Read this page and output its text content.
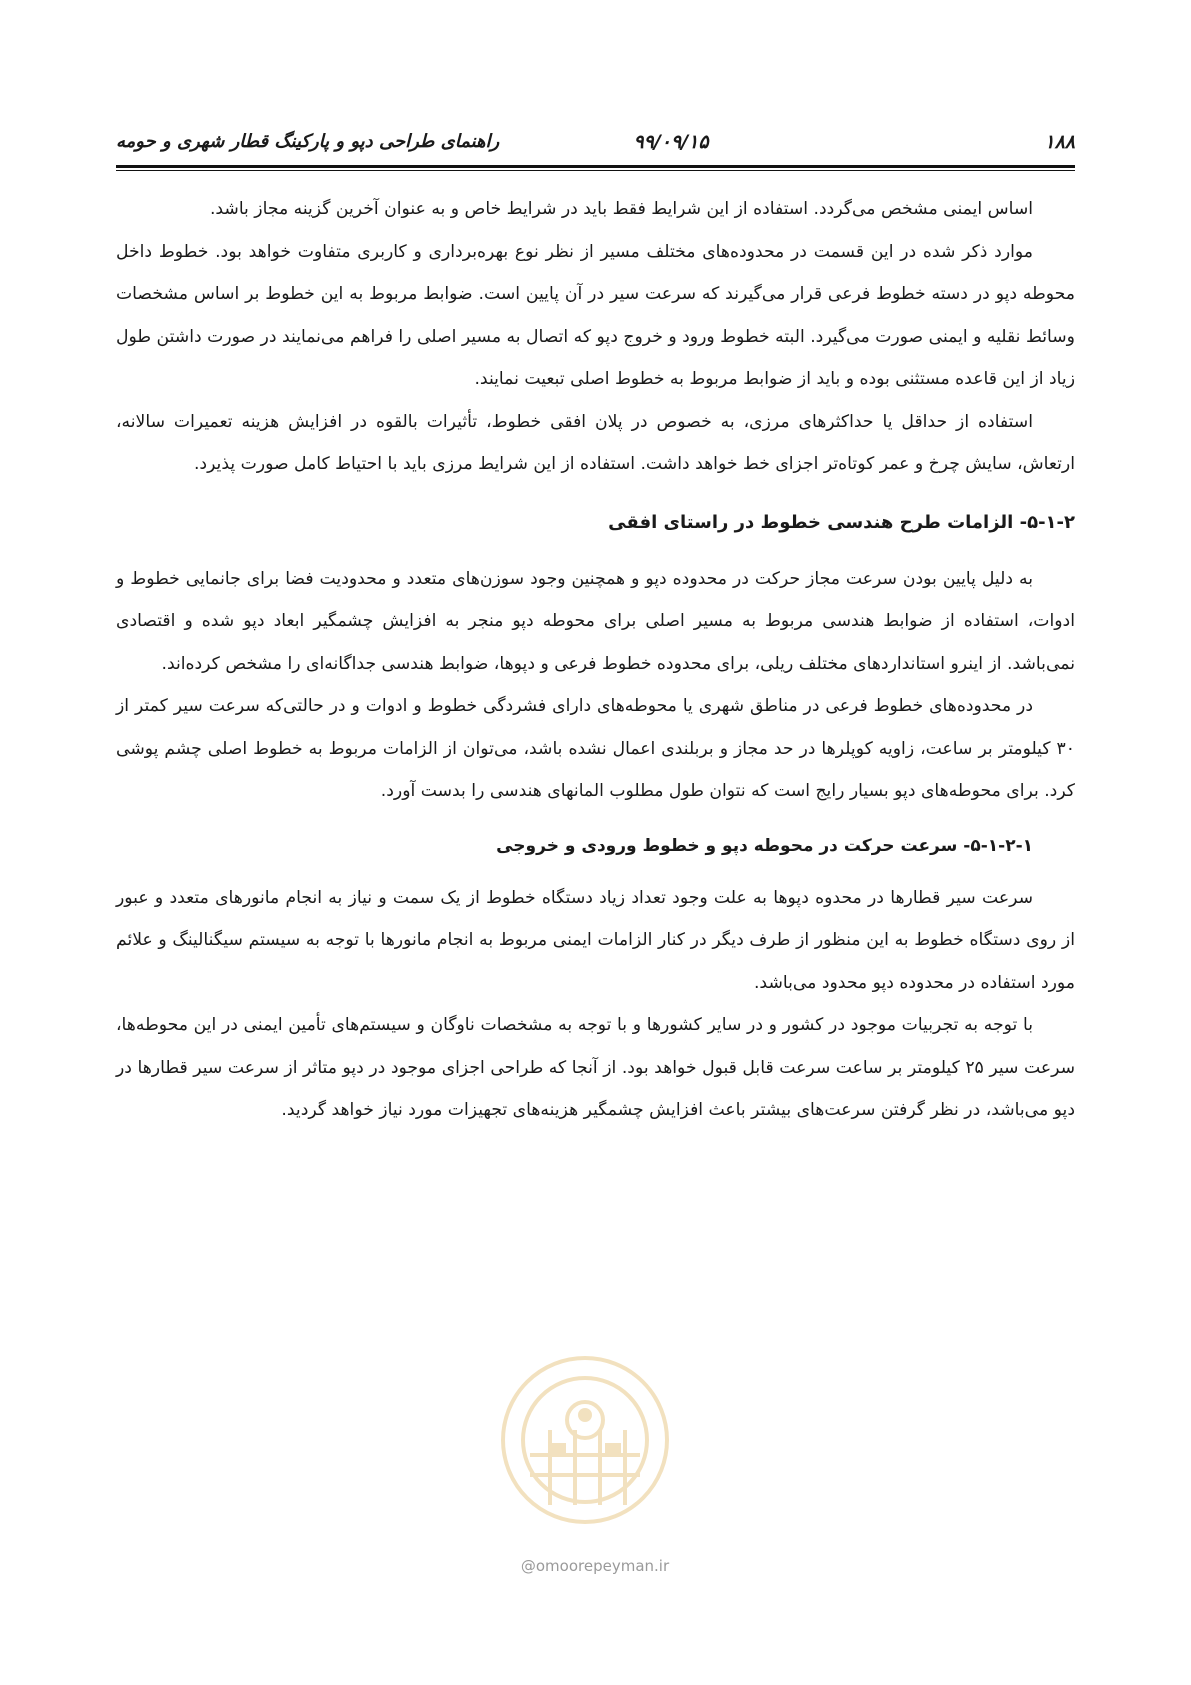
۱۸۸
۹۹/۰۹/۱۵
راهنمای طراحی دپو و پارکینگ قطار شهری و حومه

اساس ایمنی مشخص می‌گردد. استفاده از این شرایط فقط باید در شرایط خاص و به عنوان آخرین گزینه مجاز باشد.

موارد ذکر شده در این قسمت در محدوده‌های مختلف مسیر از نظر نوع بهره‌برداری و کاربری متفاوت خواهد بود. خطوط داخل محوطه دپو در دسته خطوط فرعی قرار می‌گیرند که سرعت سیر در آن پایین است. ضوابط مربوط به این خطوط بر اساس مشخصات وسائط نقلیه و ایمنی صورت می‌گیرد. البته خطوط ورود و خروج دپو که اتصال به مسیر اصلی را فراهم می‌نمایند در صورت داشتن طول زیاد از این قاعده مستثنی بوده و باید از ضوابط مربوط به خطوط اصلی تبعیت نمایند.

استفاده از حداقل یا حداکثرهای مرزی، به خصوص در پلان افقی خطوط، تأثیرات بالقوه در افزایش هزینه تعمیرات سالانه، ارتعاش، سایش چرخ و عمر کوتاه‌تر اجزای خط خواهد داشت. استفاده از این شرایط مرزی باید با احتیاط کامل صورت پذیرد.

۵-۱-۲- الزامات طرح هندسی خطوط در راستای افقی

به دلیل پایین بودن سرعت مجاز حرکت در محدوده دپو و همچنین وجود سوزن‌های متعدد و محدودیت فضا برای جانمایی خطوط و ادوات، استفاده از ضوابط هندسی مربوط به مسیر اصلی برای محوطه دپو منجر به افزایش چشمگیر ابعاد دپو شده و اقتصادی نمی‌باشد. از اینرو استانداردهای مختلف ریلی، برای محدوده خطوط فرعی و دپوها، ضوابط هندسی جداگانه‌ای را مشخص کرده‌اند.

در محدوده‌های خطوط فرعی در مناطق شهری یا محوطه‌های دارای فشردگی خطوط و ادوات و در حالتی‌که سرعت سیر کمتر از ۳۰ کیلومتر بر ساعت، زاویه کوپلرها در حد مجاز و بربلندی اعمال نشده باشد، می‌توان از الزامات مربوط به خطوط اصلی چشم پوشی کرد. برای محوطه‌های دپو بسیار رایج است که نتوان طول مطلوب المانهای هندسی را بدست آورد.

۵-۱-۲-۱- سرعت حرکت در محوطه دپو و خطوط ورودی و خروجی

سرعت سیر قطارها در محدوه دپوها به علت وجود تعداد زیاد دستگاه خطوط از یک سمت و نیاز به انجام مانورهای متعدد و عبور از روی دستگاه خطوط به این منظور از طرف دیگر در کنار الزامات ایمنی مربوط به انجام مانورها با توجه به سیستم سیگنالینگ و علائم مورد استفاده در محدوده دپو محدود می‌باشد.

با توجه به تجربیات موجود در کشور و در سایر کشورها و با توجه به مشخصات ناوگان و سیستم‌های تأمین ایمنی در این محوطه‌ها، سرعت سیر ۲۵ کیلومتر بر ساعت سرعت قابل قبول خواهد بود. از آنجا که طراحی اجزای موجود در دپو متاثر از سرعت سیر قطارها در دپو می‌باشد، در نظر گرفتن سرعت‌های بیشتر باعث افزایش چشمگیر هزینه‌های تجهیزات مورد نیاز خواهد گردید.

@omoorepeyman.ir
